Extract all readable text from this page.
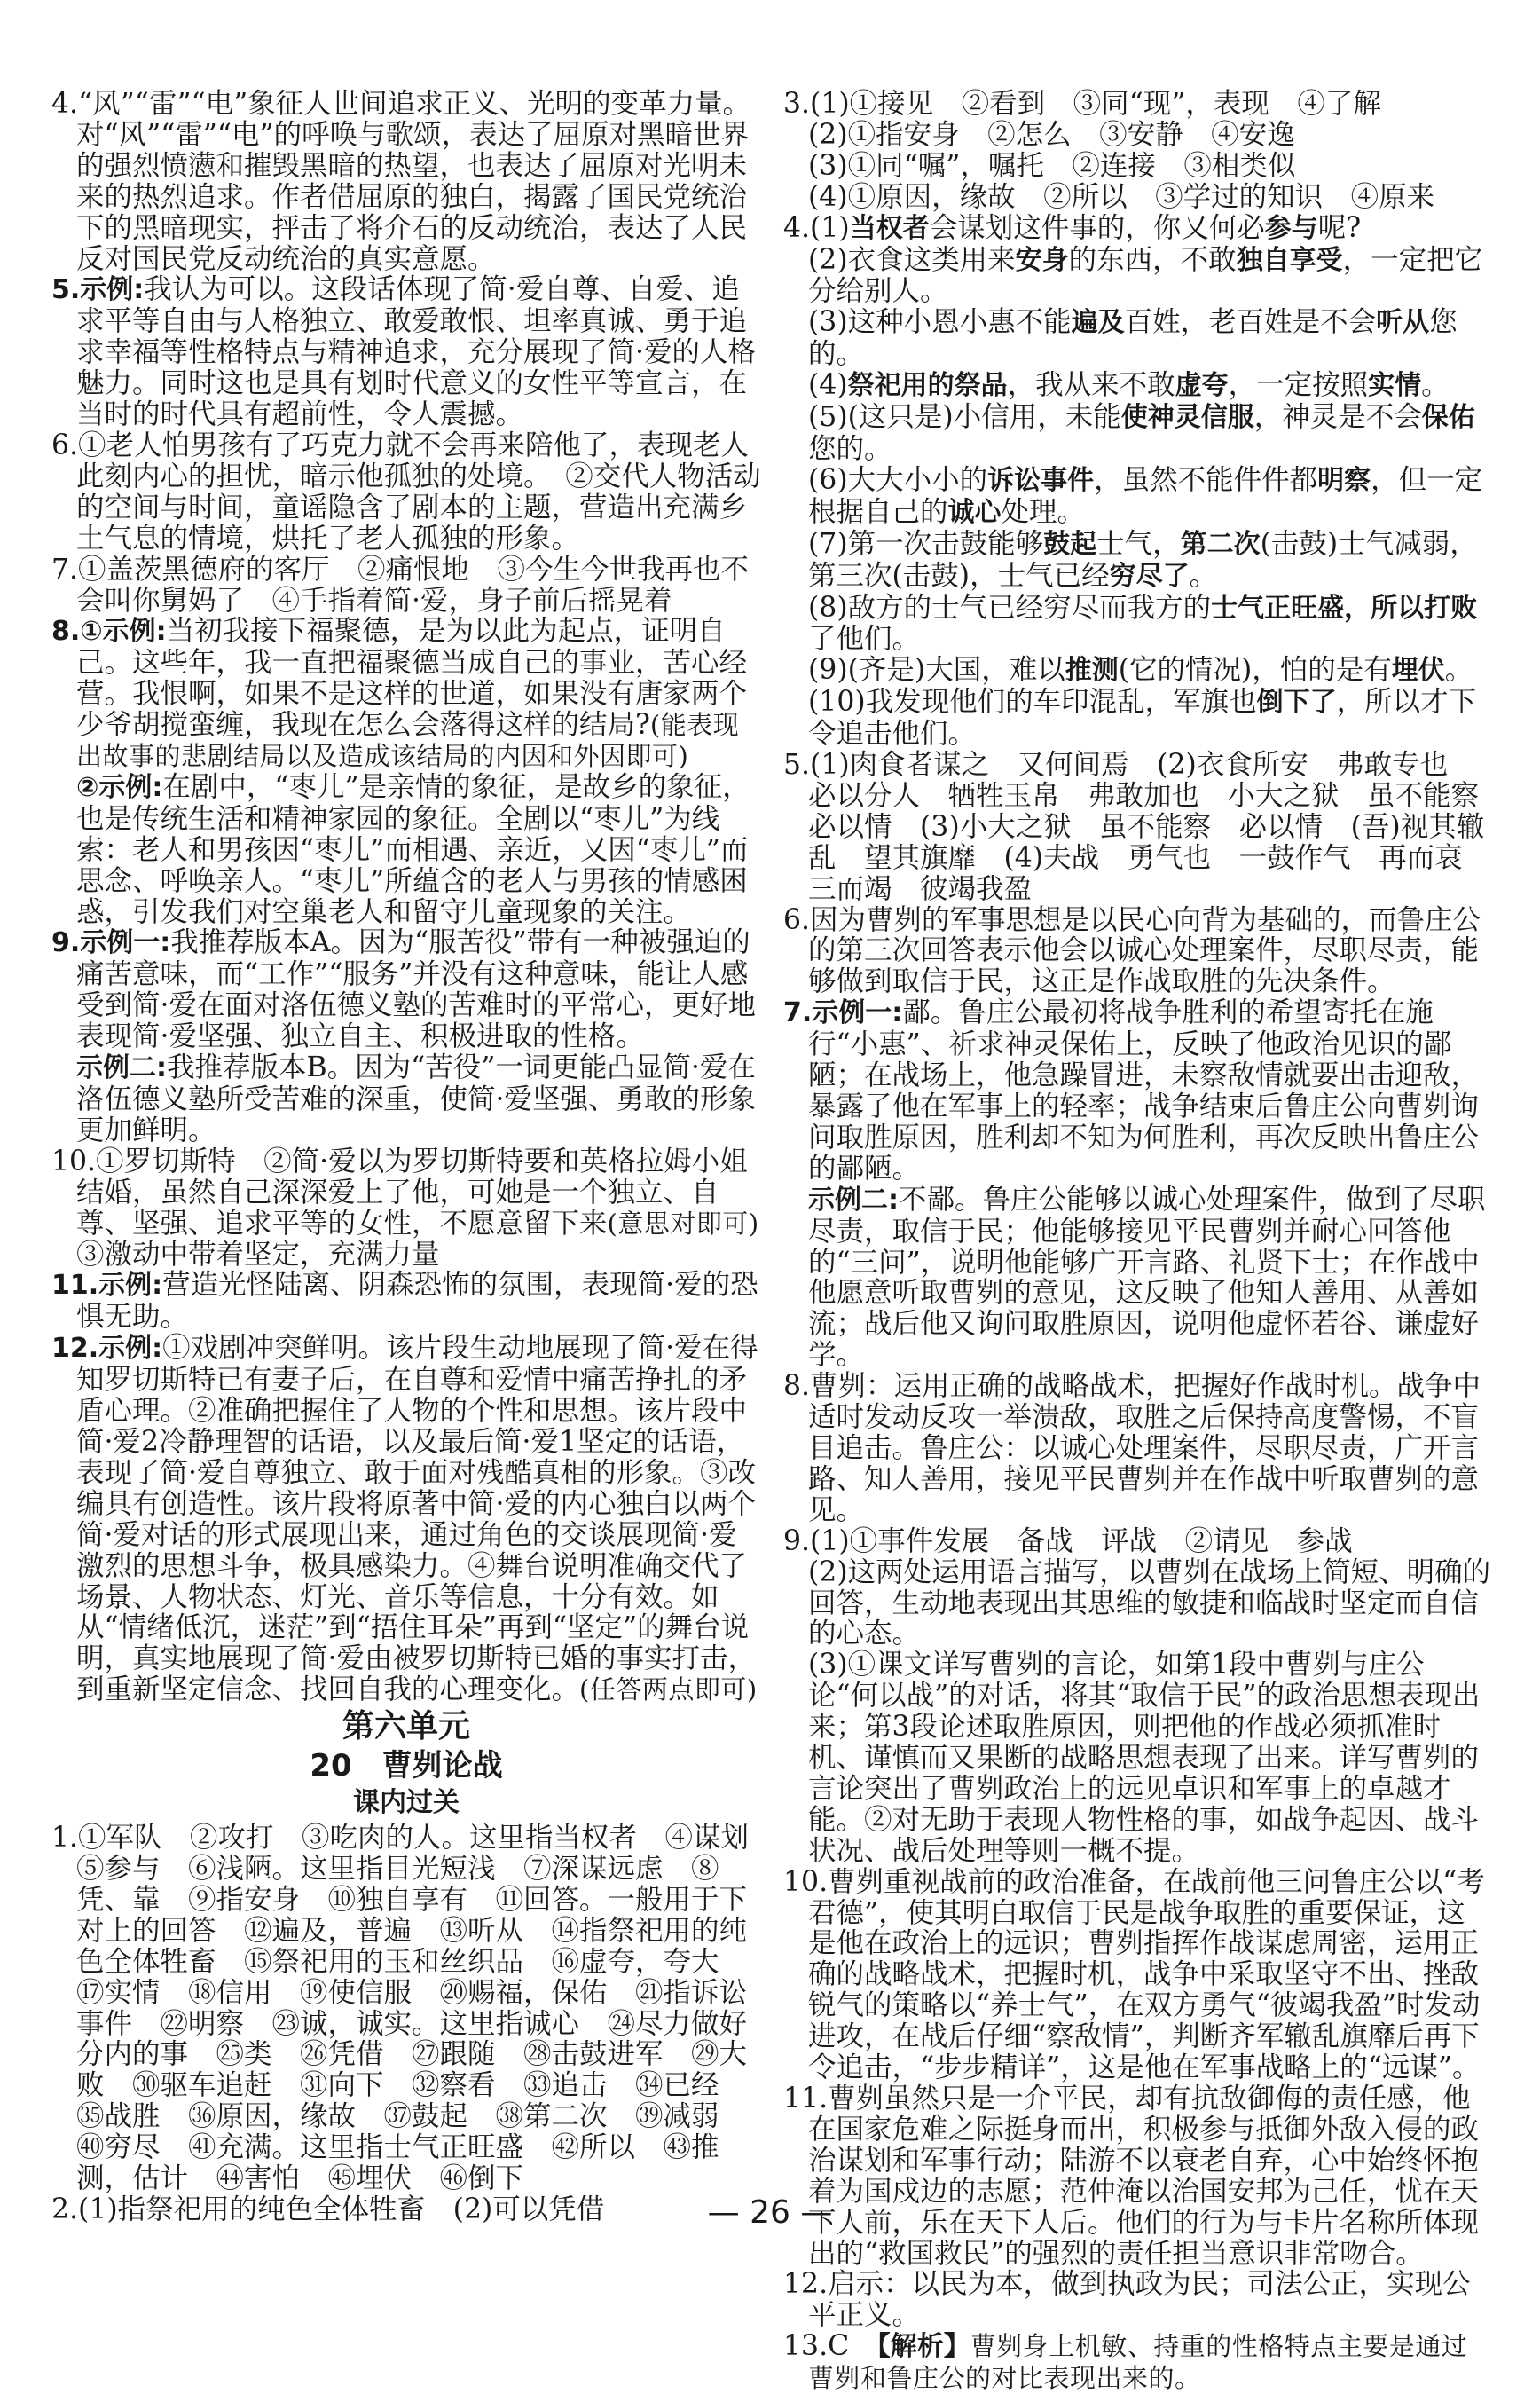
4.“风”“雷”“电”象征人世间追求正义、光明的变革力量。对“风”“雷”“电”的呼唤与歌颂，表达了屈原对黑暗世界的强烈愤懑和摧毁黑暗的热望，也表达了屈原对光明未来的热烈追求。作者借屈原的独白，揭露了国民党统治下的黑暗现实，抨击了将介石的反动统治，表达了人民反对国民党反动统治的真实意愿。

5.示例:我认为可以。这段话体现了简·爱自尊、自爱、追求平等自由与人格独立、敢爱敢恨、坦率真诚、勇于追求幸福等性格特点与精神追求，充分展现了简·爱的人格魅力。同时这也是具有划时代意义的女性平等宣言，在当时的时代具有超前性，令人震撼。

6.①老人怕男孩有了巧克力就不会再来陪他了，表现老人此刻内心的担忧，暗示他孤独的处境。　②交代人物活动的空间与时间，童谣隐含了剧本的主题，营造出充满乡土气息的情境，烘托了老人孤独的形象。

7.①盖茨黑德府的客厅　②痛恨地　③今生今世我再也不会叫你舅妈了　④手指着简·爱，身子前后摇晃着

8.①示例:当初我接下福聚德，是为以此为起点，证明自己。这些年，我一直把福聚德当成自己的事业，苦心经营。我恨啊，如果不是这样的世道，如果没有唐家两个少爷胡搅蛮缠，我现在怎么会落得这样的结局?(能表现出故事的悲剧结局以及造成该结局的内因和外因即可)

②示例:在剧中，“枣儿”是亲情的象征，是故乡的象征，也是传统生活和精神家园的象征。全剧以“枣儿”为线索：老人和男孩因“枣儿”而相遇、亲近，又因“枣儿”而思念、呼唤亲人。“枣儿”所蕴含的老人与男孩的情感困惑，引发我们对空巢老人和留守儿童现象的关注。

9.示例一:我推荐版本A。因为“服苦役”带有一种被强迫的痛苦意味，而“工作”“服务”并没有这种意味，能让人感受到简·爱在面对洛伍德义塾的苦难时的平常心，更好地表现简·爱坚强、独立自主、积极进取的性格。

示例二:我推荐版本B。因为“苦役”一词更能凸显简·爱在洛伍德义塾所受苦难的深重，使简·爱坚强、勇敢的形象更加鲜明。

10.①罗切斯特　②简·爱以为罗切斯特要和英格拉姆小姐结婚，虽然自己深深爱上了他，可她是一个独立、自尊、坚强、追求平等的女性，不愿意留下来(意思对即可)　③激动中带着坚定，充满力量

11.示例:营造光怪陆离、阴森恐怖的氛围，表现简·爱的恐惧无助。

12.示例:①戏剧冲突鲜明。该片段生动地展现了简·爱在得知罗切斯特已有妻子后，在自尊和爱情中痛苦挣扎的矛盾心理。②准确把握住了人物的个性和思想。该片段中简·爱2冷静理智的话语，以及最后简·爱1坚定的话语，表现了简·爱自尊独立、敢于面对残酷真相的形象。③改编具有创造性。该片段将原著中简·爱的内心独白以两个简·爱对话的形式展现出来，通过角色的交谈展现简·爱激烈的思想斗争，极具感染力。④舞台说明准确交代了场景、人物状态、灯光、音乐等信息，十分有效。如从“情绪低沉，迷茫”到“捂住耳朵”再到“坚定”的舞台说明，真实地展现了简·爱由被罗切斯特已婚的事实打击，到重新坚定信念、找回自我的心理变化。(任答两点即可)

第六单元

20　曹刿论战

课内过关

1.①军队　②攻打　③吃肉的人。这里指当权者　④谋划　⑤参与　⑥浅陋。这里指目光短浅　⑦深谋远虑　⑧凭、靠　⑨指安身　⑩独自享有　⑪回答。一般用于下对上的回答　⑫遍及，普遍　⑬听从　⑭指祭祀用的纯色全体牲畜　⑮祭祀用的玉和丝织品　⑯虚夸，夸大　⑰实情　⑱信用　⑲使信服　⑳赐福，保佑　㉑指诉讼事件　㉒明察　㉓诚，诚实。这里指诚心　㉔尽力做好分内的事　㉕类　㉖凭借　㉗跟随　㉘击鼓进军　㉙大败　㉚驱车追赶　㉛向下　㉜察看　㉝追击　㉞已经　㉟战胜　㊱原因，缘故　㊲鼓起　㊳第二次　㊴减弱　㊵穷尽　㊶充满。这里指士气正旺盛　㊷所以　㊸推测，估计　㊹害怕　㊺埋伏　㊻倒下

2.(1)指祭祀用的纯色全体牲畜　(2)可以凭借

3.(1)①接见　②看到　③同“现”，表现　④了解

(2)①指安身　②怎么　③安静　④安逸

(3)①同“嘱”，嘱托　②连接　③相类似

(4)①原因，缘故　②所以　③学过的知识　④原来

4.(1)当权者会谋划这件事的，你又何必参与呢?

(2)衣食这类用来安身的东西，不敢独自享受，一定把它分给别人。

(3)这种小恩小惠不能遍及百姓，老百姓是不会听从您的。

(4)祭祀用的祭品，我从来不敢虚夸，一定按照实情。

(5)(这只是)小信用，未能使神灵信服，神灵是不会保佑您的。

(6)大大小小的诉讼事件，虽然不能件件都明察，但一定根据自己的诚心处理。

(7)第一次击鼓能够鼓起士气，第二次(击鼓)士气减弱，第三次(击鼓)，士气已经穷尽了。

(8)敌方的士气已经穷尽而我方的士气正旺盛，所以打败了他们。

(9)(齐是)大国，难以推测(它的情况)，怕的是有埋伏。

(10)我发现他们的车印混乱，军旗也倒下了，所以才下令追击他们。

5.(1)肉食者谋之　又何间焉　(2)衣食所安　弗敢专也　必以分人　牺牲玉帛　弗敢加也　小大之狱　虽不能察　必以情　(3)小大之狱　虽不能察　必以情　(吾)视其辙乱　望其旗靡　(4)夫战　勇气也　一鼓作气　再而衰　三而竭　彼竭我盈

6.因为曹刿的军事思想是以民心向背为基础的，而鲁庄公的第三次回答表示他会以诚心处理案件，尽职尽责，能够做到取信于民，这正是作战取胜的先决条件。

7.示例一:鄙。鲁庄公最初将战争胜利的希望寄托在施行“小惠”、祈求神灵保佑上，反映了他政治见识的鄙陋；在战场上，他急躁冒进，未察敌情就要出击迎敌，暴露了他在军事上的轻率；战争结束后鲁庄公向曹刿询问取胜原因，胜利却不知为何胜利，再次反映出鲁庄公的鄙陋。

示例二:不鄙。鲁庄公能够以诚心处理案件，做到了尽职尽责，取信于民；他能够接见平民曹刿并耐心回答他的“三问”，说明他能够广开言路、礼贤下士；在作战中他愿意听取曹刿的意见，这反映了他知人善用、从善如流；战后他又询问取胜原因，说明他虚怀若谷、谦虚好学。

8.曹刿：运用正确的战略战术，把握好作战时机。战争中适时发动反攻一举溃敌，取胜之后保持高度警惕，不盲目追击。鲁庄公：以诚心处理案件，尽职尽责，广开言路、知人善用，接见平民曹刿并在作战中听取曹刿的意见。

9.(1)①事件发展　备战　评战　②请见　参战

(2)这两处运用语言描写，以曹刿在战场上简短、明确的回答，生动地表现出其思维的敏捷和临战时坚定而自信的心态。

(3)①课文详写曹刿的言论，如第1段中曹刿与庄公论“何以战”的对话，将其“取信于民”的政治思想表现出来；第3段论述取胜原因，则把他的作战必须抓准时机、谨慎而又果断的战略思想表现了出来。详写曹刿的言论突出了曹刿政治上的远见卓识和军事上的卓越才能。②对无助于表现人物性格的事，如战争起因、战斗状况、战后处理等则一概不提。

10.曹刿重视战前的政治准备，在战前他三问鲁庄公以“考君德”，使其明白取信于民是战争取胜的重要保证，这是他在政治上的远识；曹刿指挥作战谋虑周密，运用正确的战略战术，把握时机，战争中采取坚守不出、挫敌锐气的策略以“养士气”，在双方勇气“彼竭我盈”时发动进攻，在战后仔细“察敌情”，判断齐军辙乱旗靡后再下令追击，“步步精详”，这是他在军事战略上的“远谋”。

11.曹刿虽然只是一介平民，却有抗敌御侮的责任感，他在国家危难之际挺身而出，积极参与抵御外敌入侵的政治谋划和军事行动；陆游不以衰老自弃，心中始终怀抱着为国戍边的志愿；范仲淹以治国安邦为己任，忧在天下人前，乐在天下人后。他们的行为与卡片名称所体现出的“救国救民”的强烈的责任担当意识非常吻合。

12.启示：以民为本，做到执政为民；司法公正，实现公平正义。

13.C　 【解析】曹刿身上机敏、持重的性格特点主要是通过曹刿和鲁庄公的对比表现出来的。

— 26 —
